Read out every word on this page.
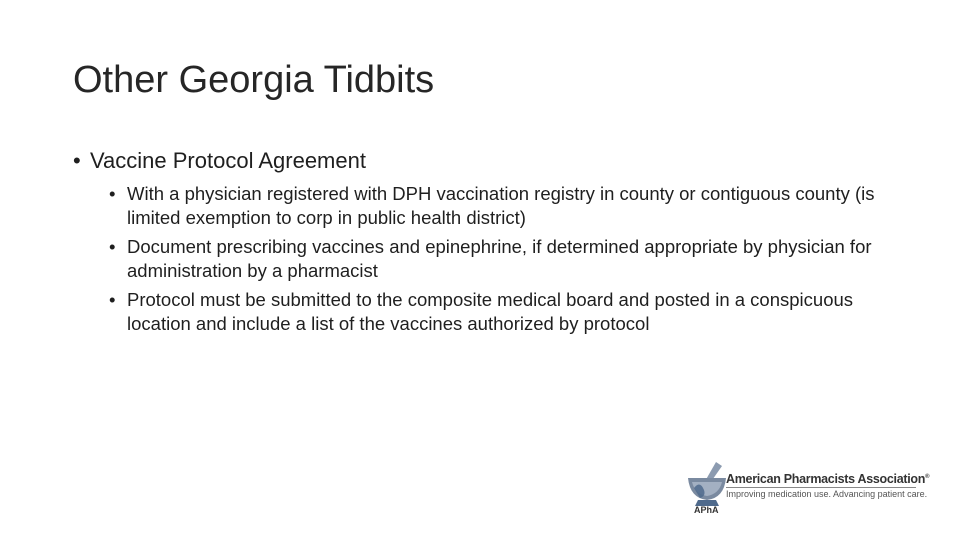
Other Georgia Tidbits
• Vaccine Protocol Agreement
• With a physician registered with DPH vaccination registry in county or contiguous county (is limited exemption to corp in public health district)
• Document prescribing vaccines and epinephrine, if determined appropriate by physician for administration by a pharmacist
• Protocol must be submitted to the composite medical board and posted in a conspicuous location and include a list of the vaccines authorized by protocol
American Pharmacists Association®
Improving medication use. Advancing patient care.
APhA
